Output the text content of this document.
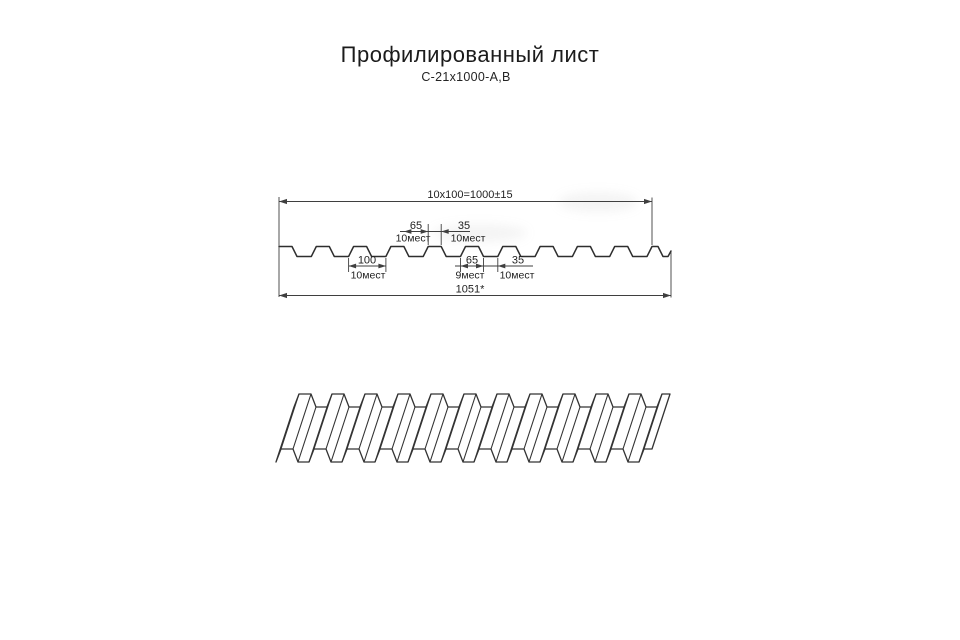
Профилированный лист
С-21х1000-А,В
10x100=1000±15
1051*
65
10мест
35
10мест
100
10мест
65
9мест
35
10мест
